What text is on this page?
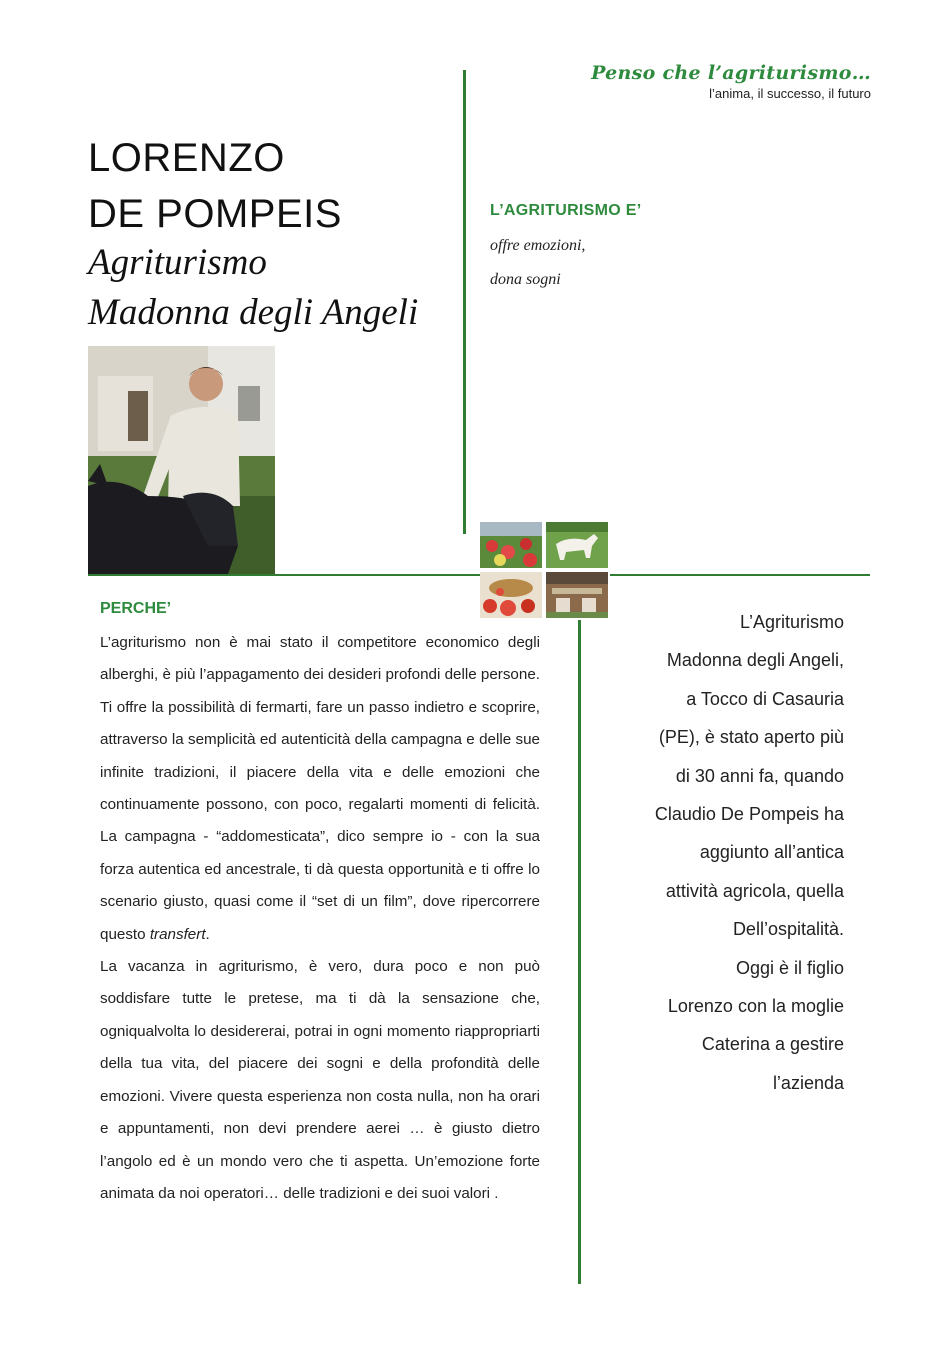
Penso che l’agriturismo…
l’anima, il successo, il futuro
LORENZO
DE POMPEIS
Agriturismo
Madonna degli Angeli
L’AGRITURISMO E’
offre emozioni,
dona sogni
PERCHE’

L’agriturismo non è mai stato il competitore economico degli alberghi, è più l’appagamento dei desideri profondi delle persone. Ti offre la possibilità di fermarti, fare un passo indietro e scoprire, attraverso la semplicità ed autenticità della campagna e delle sue infinite tradizioni, il piacere della vita e delle emozioni che continuamente possono, con poco, regalarti momenti di felicità. La campagna - “addomesticata”, dico sempre io - con la sua forza autentica ed ancestrale, ti dà questa opportunità e ti offre lo scenario giusto, quasi come il “set di un film”, dove ripercorrere questo transfert.

La vacanza in agriturismo, è vero, dura poco e non può soddisfare tutte le pretese, ma ti dà la sensazione che, ogniqualvolta lo desidererai, potrai in ogni momento riappropriarti della tua vita, del piacere dei sogni e della profondità delle emozioni. Vivere questa esperienza non costa nulla, non ha orari e appuntamenti, non devi prendere aerei … è giusto dietro l’angolo ed è un mondo vero che ti aspetta. Un’emozione forte animata da noi operatori… delle tradizioni e dei suoi valori .

L’Agriturismo
Madonna degli Angeli,
a Tocco di Casauria
(PE), è stato aperto più
di 30 anni fa, quando
Claudio De Pompeis ha
aggiunto all’antica
attività agricola, quella
Dell’ospitalità.
Oggi è il figlio
Lorenzo con la moglie
Caterina a gestire
l’azienda
